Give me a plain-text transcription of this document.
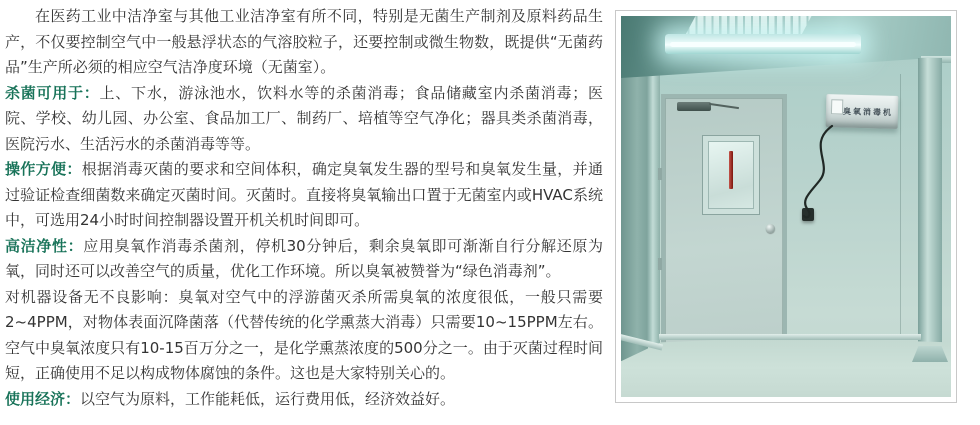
在医药工业中洁净室与其他工业洁净室有所不同，特别是无菌生产制剂及原料药品生产，不仅要控制空气中一般悬浮状态的气溶胶粒子，还要控制或微生物数，既提供“无菌药品”生产所必须的相应空气洁净度环境（无菌室）。

杀菌可用于：上、下水，游泳池水，饮料水等的杀菌消毒；食品储藏室内杀菌消毒；医院、学校、幼儿园、办公室、食品加工厂、制药厂、培植等空气净化；器具类杀菌消毒，医院污水、生活污水的杀菌消毒等等。

操作方便：根据消毒灭菌的要求和空间体积，确定臭氧发生器的型号和臭氧发生量，并通过验证检查细菌数来确定灭菌时间。灭菌时。直接将臭氧输出口置于无菌室内或HVAC系统中，可选用24小时时间控制器设置开机关机时间即可。

高洁净性：应用臭氧作消毒杀菌剂，停机30分钟后，剩余臭氧即可渐渐自行分解还原为氧，同时还可以改善空气的质量，优化工作环境。所以臭氧被赞誉为“绿色消毒剂”。

对机器设备无不良影响：臭氧对空气中的浮游菌灭杀所需臭氧的浓度很低，一般只需要2~4PPM，对物体表面沉降菌落（代替传统的化学熏蒸大消毒）只需要10~15PPM左右。空气中臭氧浓度只有10-15百万分之一，是化学熏蒸浓度的500分之一。由于灭菌过程时间短，正确使用不足以构成物体腐蚀的条件。这也是大家特别关心的。

使用经济：以空气为原料，工作能耗低，运行费用低，经济效益好。

臭氧消毒机
